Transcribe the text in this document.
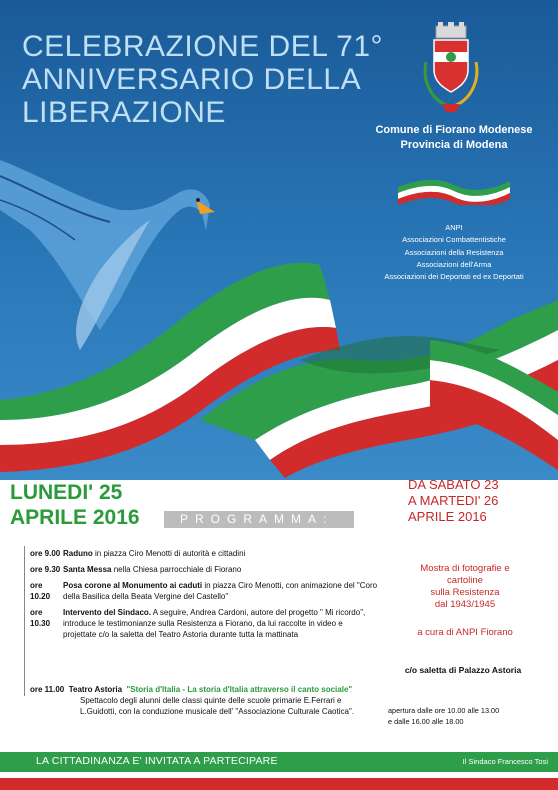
CELEBRAZIONE DEL 71°
ANNIVERSARIO DELLA
LIBERAZIONE
Comune di Fiorano Modenese
Provincia di Modena
ANPI
Associazioni Combattentistiche
Associazioni della Resistenza
Associazioni dell'Arma
Associazioni dei Deportati ed ex Deportati
LUNEDI' 25
APRILE 2016	PROGRAMMA:
DA SABATO 23
A MARTEDI' 26
APRILE 2016
ore 9.00 Raduno in piazza Ciro Menotti di autorità e cittadini
ore 9.30 Santa Messa nella Chiesa parrocchiale di Fiorano
ore 10.20
Posa corone al Monumento ai caduti in piazza Ciro Menotti, con animazione del "Coro della Basilica della Beata Vergine del Castello"
ore 10.30
Intervento del Sindaco. A seguire, Andrea Cardoni, autore del progetto " Mi ricordo", introduce le testimonianze sulla Resistenza a Fiorano, da lui raccolte in video e projettate c/o la saletta del Teatro Astoria durante tutta la mattinata
ore 11.00 Teatro Astoria "Storia d'Italia - La storia d'Italia attraverso il canto sociale"
Spettacolo degli alunni delle classi quinte delle scuole primarie E.Ferrari e L.Guidotti, con la conduzione musicale dell' "Associazione Culturale Caotica".
Mostra di fotografie e
cartoline
sulla Resistenza
dal 1943/1945
a cura di ANPI Fiorano
c/o saletta di Palazzo Astoria
apertura dalle ore 10.00 alle 13.00
e dalle 16.00 alle 18.00
LA CITTADINANZA E' INVITATA A PARTECIPARE	Il Sindaco Francesco Tosi
